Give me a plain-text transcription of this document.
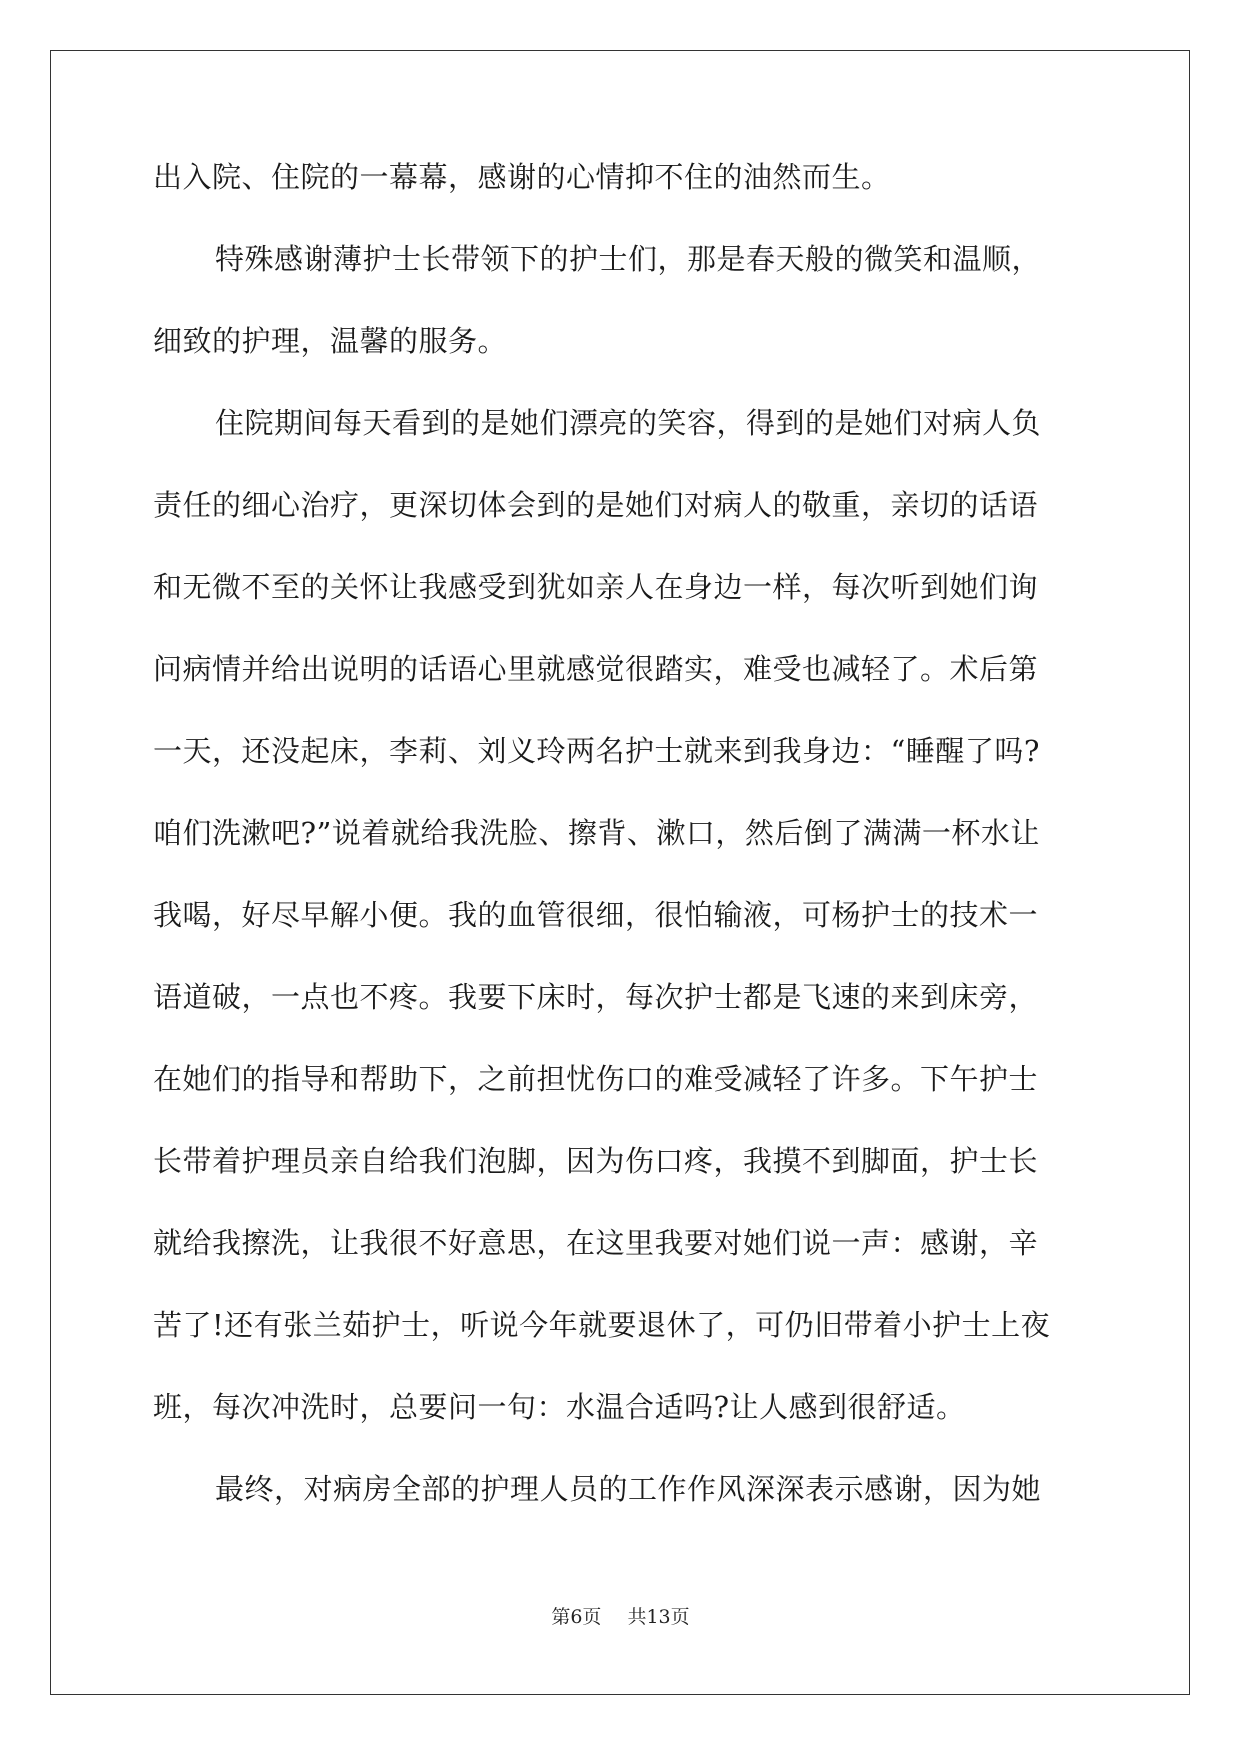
出入院、住院的一幕幕，感谢的心情抑不住的油然而生。
特殊感谢薄护士长带领下的护士们，那是春天般的微笑和温顺，
细致的护理，温馨的服务。
住院期间每天看到的是她们漂亮的笑容，得到的是她们对病人负
责任的细心治疗，更深切体会到的是她们对病人的敬重，亲切的话语
和无微不至的关怀让我感受到犹如亲人在身边一样，每次听到她们询
问病情并给出说明的话语心里就感觉很踏实，难受也减轻了。术后第
一天，还没起床，李莉、刘义玲两名护士就来到我身边：“睡醒了吗?
咱们洗漱吧?”说着就给我洗脸、擦背、漱口，然后倒了满满一杯水让
我喝，好尽早解小便。我的血管很细，很怕输液，可杨护士的技术一
语道破，一点也不疼。我要下床时，每次护士都是飞速的来到床旁，
在她们的指导和帮助下，之前担忧伤口的难受减轻了许多。下午护士
长带着护理员亲自给我们泡脚，因为伤口疼，我摸不到脚面，护士长
就给我擦洗，让我很不好意思，在这里我要对她们说一声：感谢，辛
苦了!还有张兰茹护士，听说今年就要退休了，可仍旧带着小护士上夜
班，每次冲洗时，总要问一句：水温合适吗?让人感到很舒适。
最终，对病房全部的护理人员的工作作风深深表示感谢，因为她
第6页 共13页
